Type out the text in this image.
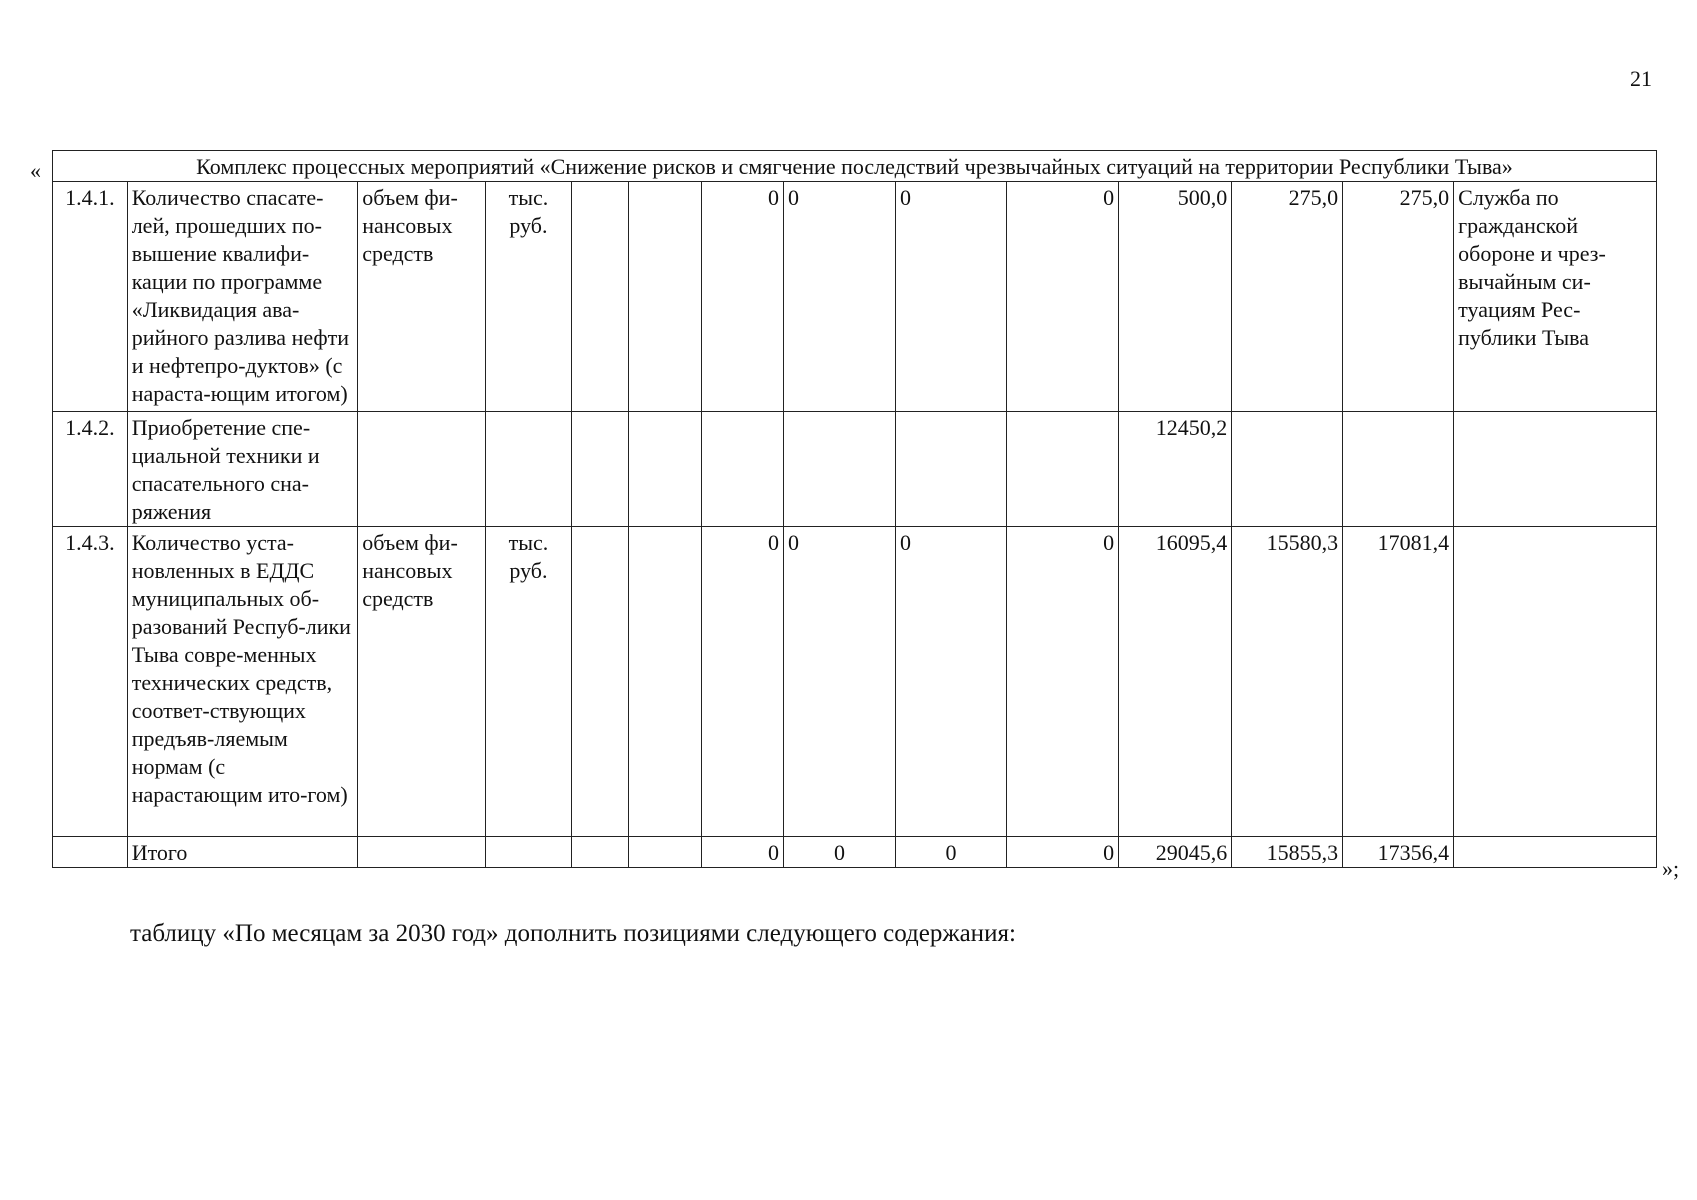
21
«	Комплекс процессных мероприятий «Снижение рисков и смягчение последствий чрезвычайных ситуаций на территории Республики Тыва»													
1.4.1.	Количество спасате-лей, прошедших по-вышение квалифи-кации по программе «Ликвидация ава-рийного разлива нефти и нефтепро-дуктов» (с нараста-ющим итогом)	объем фи-нансовых средств	тыс. руб.			0	0	0	0	500,0	275,0	275,0	Служба по гражданской обороне и чрез-вычайным си-туациям Рес-публики Тыва
1.4.2.	Приобретение спе-циальной техники и спасательного сна-ряжения									12450,2			
1.4.3.	Количество уста-новленных в ЕДДС муниципальных об-разований Респуб-лики Тыва совре-менных технических средств, соответ-ствующих предъяв-ляемым нормам (с нарастающим ито-гом)	объем фи-нансовых средств	тыс. руб.			0	0	0	0	16095,4	15580,3	17081,4	
	Итого					0	0	0	0	29045,6	15855,3	17356,4	
»;
таблицу «По месяцам за 2030 год» дополнить позициями следующего содержания:
